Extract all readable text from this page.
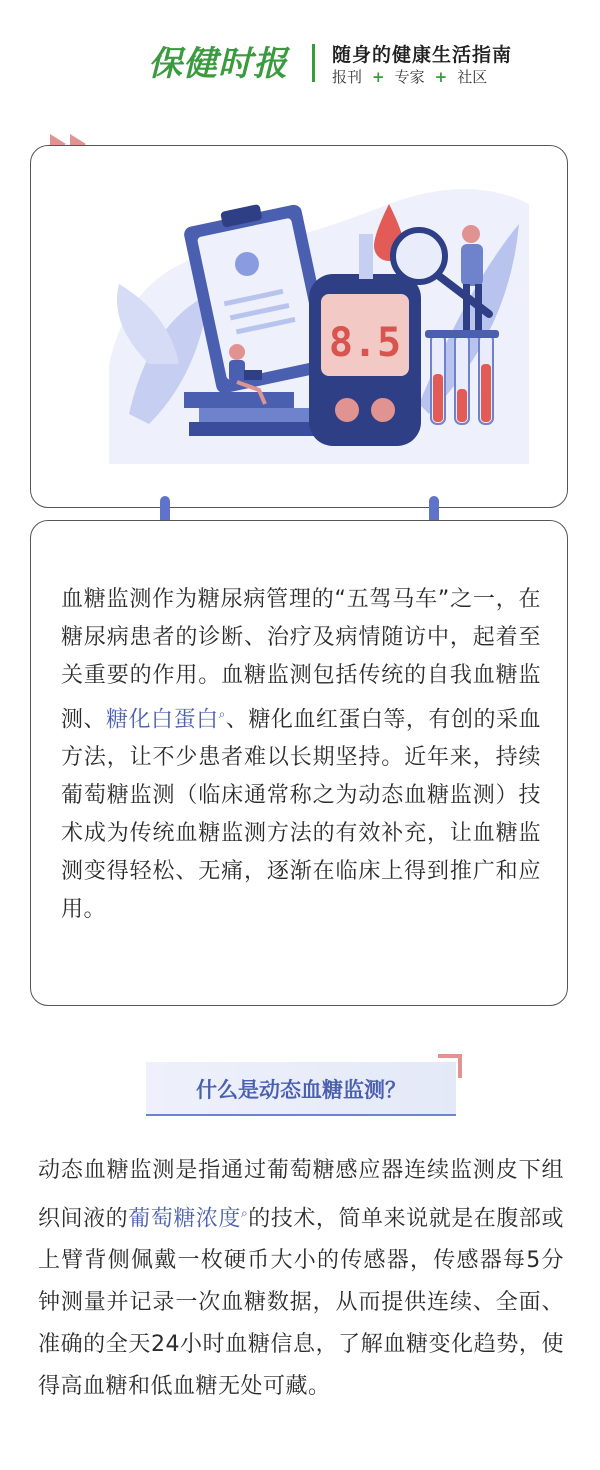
保健时报 随身的健康生活指南
报刊 + 专家 + 社区
8.5

血糖监测作为糖尿病管理的“五驾马车”之一，在糖尿病患者的诊断、治疗及病情随访中，起着至关重要的作用。血糖监测包括传统的自我血糖监测、糖化白蛋白⌕、糖化血红蛋白等，有创的采血方法，让不少患者难以长期坚持。近年来，持续葡萄糖监测（临床通常称之为动态血糖监测）技术成为传统血糖监测方法的有效补充，让血糖监测变得轻松、无痛，逐渐在临床上得到推广和应用。

什么是动态血糖监测？

动态血糖监测是指通过葡萄糖感应器连续监测皮下组织间液的葡萄糖浓度⌕的技术，简单来说就是在腹部或上臂背侧佩戴一枚硬币大小的传感器，传感器每5分钟测量并记录一次血糖数据，从而提供连续、全面、准确的全天24小时血糖信息，了解血糖变化趋势，使得高血糖和低血糖无处可藏。
